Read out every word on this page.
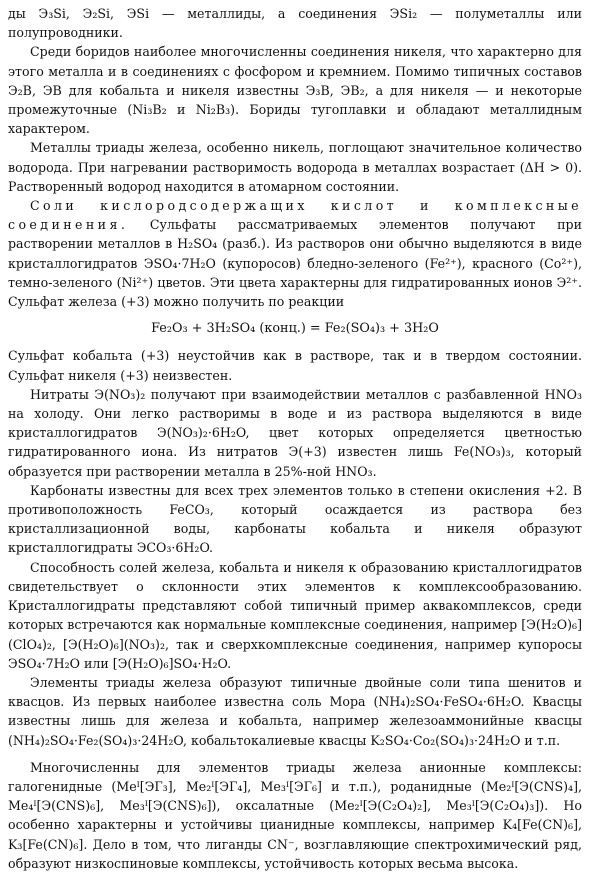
ды Э₃Si, Э₂Si, ЭSi — металлиды, а соединения ЭSi₂ — полуметаллы или полупроводники.

Среди боридов наиболее многочисленны соединения никеля, что характерно для этого металла и в соединениях с фосфором и кремнием. Помимо типичных составов Э₂B, ЭB для кобальта и никеля известны Э₃B, ЭB₂, а для никеля — и некоторые промежуточные (Ni₃B₂ и Ni₂B₃). Бориды тугоплавки и обладают металлидным характером.

Металлы триады железа, особенно никель, поглощают значительное количество водорода. При нагревании растворимость водорода в металлах возрастает (ΔH > 0). Растворенный водород находится в атомарном состоянии.

Соли кислородсодержащих кислот и комплексные соединения. Сульфаты рассматриваемых элементов получают при растворении металлов в H₂SO₄ (разб.). Из растворов они обычно выделяются в виде кристаллогидратов ЭSO₄·7H₂O (купоросов) бледно-зеленого (Fe²⁺), красного (Co²⁺), темно-зеленого (Ni²⁺) цветов. Эти цвета характерны для гидратированных ионов Э²⁺. Сульфат железа (+3) можно получить по реакции

Fe₂O₃ + 3H₂SO₄ (конц.) = Fe₂(SO₄)₃ + 3H₂O

Сульфат кобальта (+3) неустойчив как в растворе, так и в твердом состоянии. Сульфат никеля (+3) неизвестен.

Нитраты Э(NO₃)₂ получают при взаимодействии металлов с разбавленной HNO₃ на холоду. Они легко растворимы в воде и из раствора выделяются в виде кристаллогидратов Э(NO₃)₂·6H₂O, цвет которых определяется цветностью гидратированного иона. Из нитратов Э(+3) известен лишь Fe(NO₃)₃, который образуется при растворении металла в 25%-ной HNO₃.

Карбонаты известны для всех трех элементов только в степени окисления +2. В противоположность FeCO₃, который осаждается из раствора без кристаллизационной воды, карбонаты кобальта и никеля образуют кристаллогидраты ЭCO₃·6H₂O.

Способность солей железа, кобальта и никеля к образованию кристаллогидратов свидетельствует о склонности этих элементов к комплексообразованию. Кристаллогидраты представляют собой типичный пример аквакомплексов, среди которых встречаются как нормальные комплексные соединения, например [Э(H₂O)₆](ClO₄)₂, [Э(H₂O)₆](NO₃)₂, так и сверхкомплексные соединения, например купоросы ЭSO₄·7H₂O или [Э(H₂O)₆]SO₄·H₂O.

Элементы триады железа образуют типичные двойные соли типа шенитов и квасцов. Из первых наиболее известна соль Мора (NH₄)₂SO₄·FeSO₄·6H₂O. Квасцы известны лишь для железа и кобальта, например железоаммонийные квасцы (NH₄)₂SO₄·Fe₂(SO₄)₃·24H₂O, кобальтокалиевые квасцы K₂SO₄·Co₂(SO₄)₃·24H₂O и т.п.

Многочисленны для элементов триады железа анионные комплексы: галогенидные (Meᴵ[ЭГ₃], Me₂ᴵ[ЭГ₄], Me₃ᴵ[ЭГ₆] и т.п.), роданидные (Me₂ᴵ[Э(CNS)₄], Me₄ᴵ[Э(CNS)₆], Me₃ᴵ[Э(CNS)₆]), оксалатные (Me₂ᴵ[Э(C₂O₄)₂], Me₃ᴵ[Э(C₂O₄)₃]). Но особенно характерны и устойчивы цианидные комплексы, например K₄[Fe(CN)₆], K₃[Fe(CN)₆]. Дело в том, что лиганды CN⁻, возглавляющие спектрохимический ряд, образуют низкоспиновые комплексы, устойчивость которых весьма высока.
